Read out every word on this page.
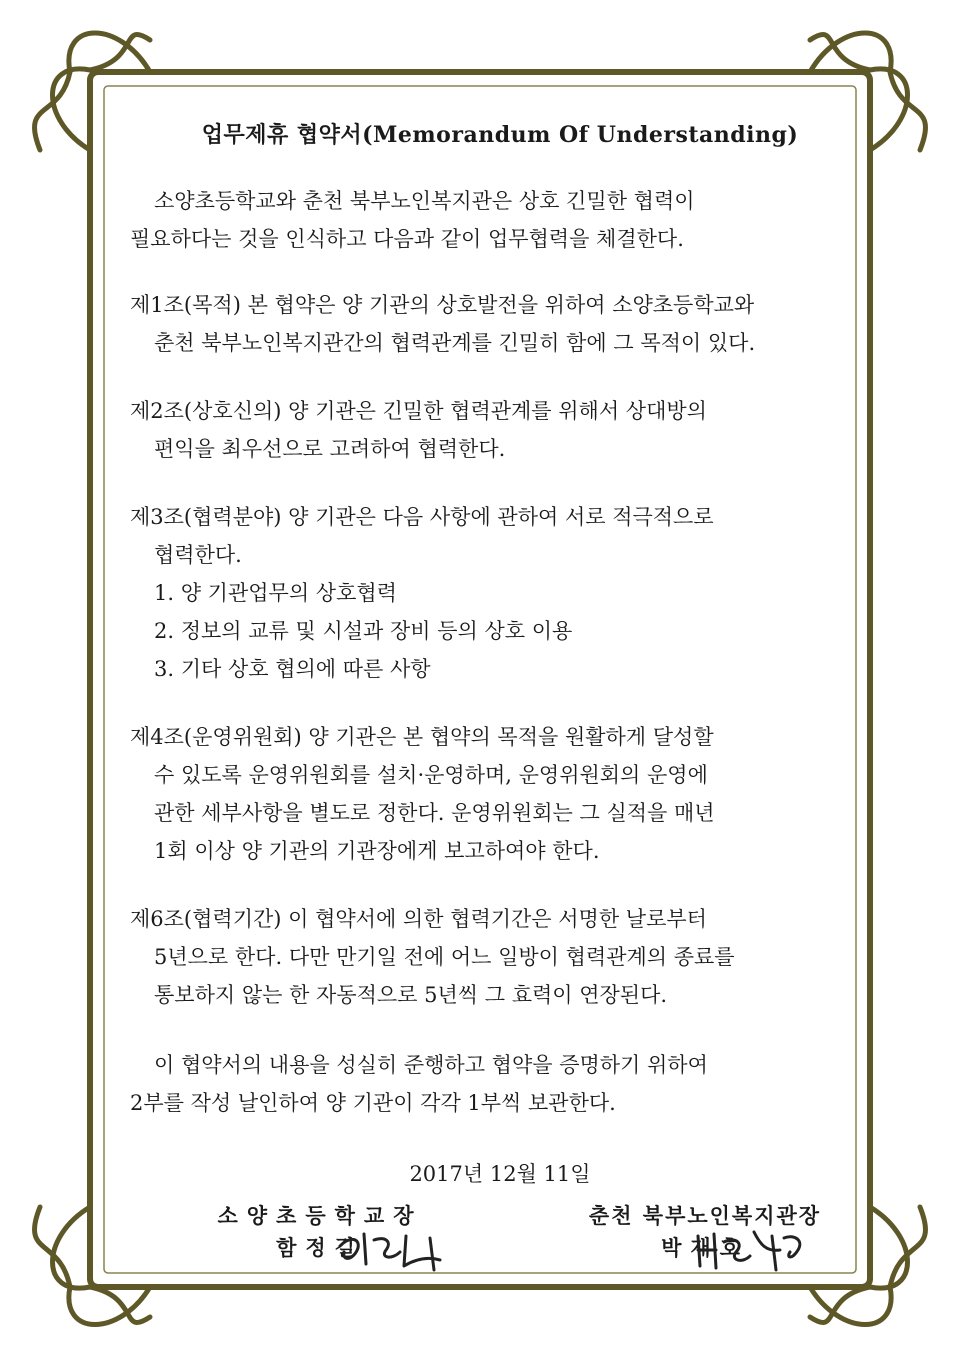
업무제휴 협약서(Memorandum Of Understanding)
소양초등학교와 춘천 북부노인복지관은 상호 긴밀한 협력이
필요하다는 것을 인식하고 다음과 같이 업무협력을 체결한다.
제1조(목적) 본 협약은 양 기관의 상호발전을 위하여 소양초등학교와
춘천 북부노인복지관간의 협력관계를 긴밀히 함에 그 목적이 있다.
제2조(상호신의) 양 기관은 긴밀한 협력관계를 위해서 상대방의
편익을 최우선으로 고려하여 협력한다.
제3조(협력분야) 양 기관은 다음 사항에 관하여 서로 적극적으로
협력한다.
1. 양 기관업무의 상호협력
2. 정보의 교류 및 시설과 장비 등의 상호 이용
3. 기타 상호 협의에 따른 사항
제4조(운영위원회) 양 기관은 본 협약의 목적을 원활하게 달성할
수 있도록 운영위원회를 설치·운영하며, 운영위원회의 운영에
관한 세부사항을 별도로 정한다. 운영위원회는 그 실적을 매년
1회 이상 양 기관의 기관장에게 보고하여야 한다.
제6조(협력기간) 이 협약서에 의한 협력기간은 서명한 날로부터
5년으로 한다. 다만 만기일 전에 어느 일방이 협력관계의 종료를
통보하지 않는 한 자동적으로 5년씩 그 효력이 연장된다.
이 협약서의 내용을 성실히 준행하고 협약을 증명하기 위하여
2부를 작성 날인하여 양 기관이 각각 1부씩 보관한다.
2017년 12월 11일
소양초등학교장
함정길
춘천 북부노인복지관장
박재호
